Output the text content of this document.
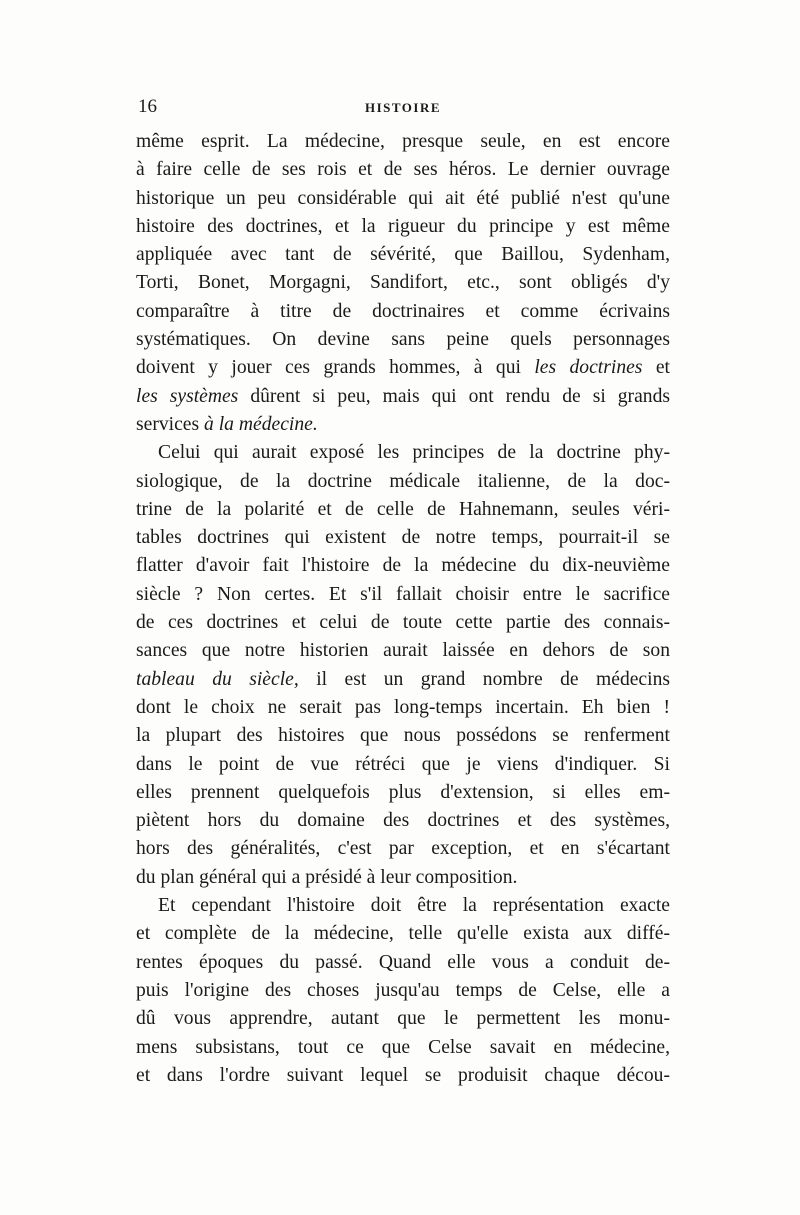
16	HISTOIRE
même esprit. La médecine, presque seule, en est encore
à faire celle de ses rois et de ses héros. Le dernier ouvrage
historique un peu considérable qui ait été publié n'est qu'une
histoire des doctrines, et la rigueur du principe y est même
appliquée avec tant de sévérité, que Baillou, Sydenham,
Torti, Bonet, Morgagni, Sandifort, etc., sont obligés d'y
comparaître à titre de doctrinaires et comme écrivains
systématiques. On devine sans peine quels personnages
doivent y jouer ces grands hommes, à qui les doctrines et
les systèmes dûrent si peu, mais qui ont rendu de si grands
services à la médecine.
Celui qui aurait exposé les principes de la doctrine phy-
siologique, de la doctrine médicale italienne, de la doc-
trine de la polarité et de celle de Hahnemann, seules véri-
tables doctrines qui existent de notre temps, pourrait-il se
flatter d'avoir fait l'histoire de la médecine du dix-neuvième
siècle ? Non certes. Et s'il fallait choisir entre le sacrifice
de ces doctrines et celui de toute cette partie des connais-
sances que notre historien aurait laissée en dehors de son
tableau du siècle, il est un grand nombre de médecins
dont le choix ne serait pas long-temps incertain. Eh bien !
la plupart des histoires que nous possédons se renferment
dans le point de vue rétréci que je viens d'indiquer. Si
elles prennent quelquefois plus d'extension, si elles em-
piètent hors du domaine des doctrines et des systèmes,
hors des généralités, c'est par exception, et en s'écartant
du plan général qui a présidé à leur composition.
Et cependant l'histoire doit être la représentation exacte
et complète de la médecine, telle qu'elle exista aux diffé-
rentes époques du passé. Quand elle vous a conduit de-
puis l'origine des choses jusqu'au temps de Celse, elle a
dû vous apprendre, autant que le permettent les monu-
mens subsistans, tout ce que Celse savait en médecine,
et dans l'ordre suivant lequel se produisit chaque décou-
